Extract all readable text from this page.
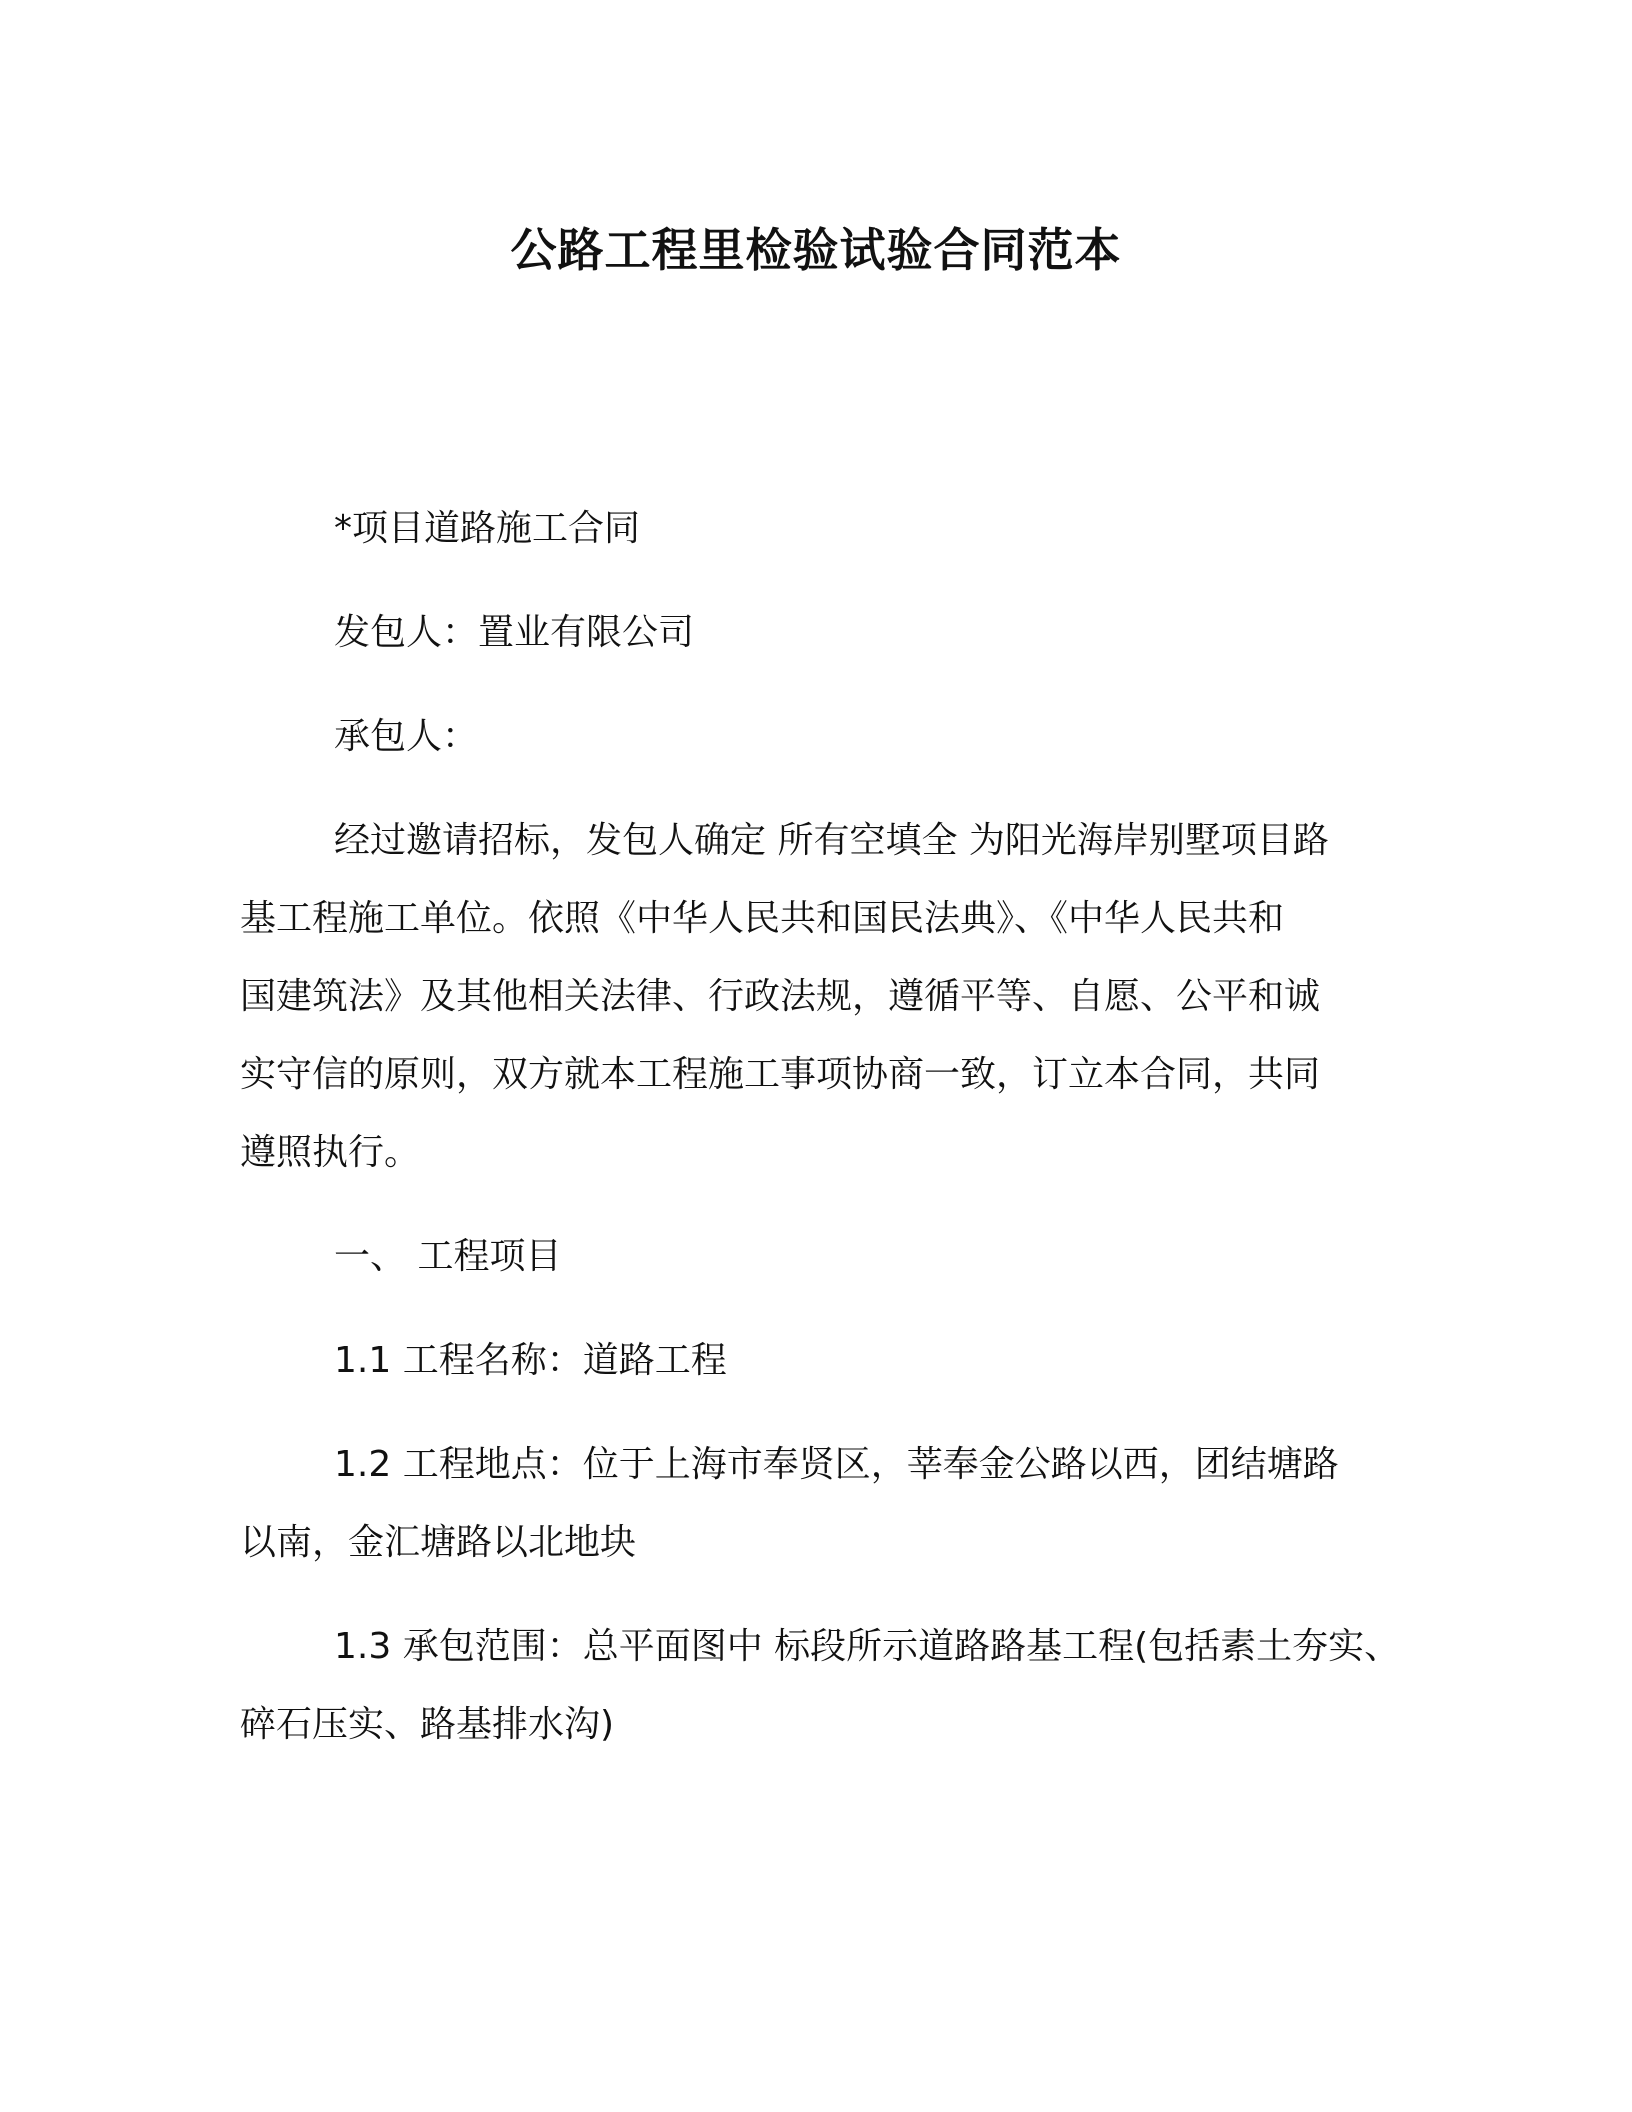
公路工程里检验试验合同范本
*项目道路施工合同
发包人：置业有限公司
承包人：
经过邀请招标，发包人确定 所有空填全 为阳光海岸别墅项目路
基工程施工单位。依照《中华人民共和国民法典》、《中华人民共和
国建筑法》及其他相关法律、行政法规，遵循平等、自愿、公平和诚
实守信的原则，双方就本工程施工事项协商一致，订立本合同，共同
遵照执行。
一、 工程项目
1.1 工程名称：道路工程
1.2 工程地点：位于上海市奉贤区，莘奉金公路以西，团结塘路
以南，金汇塘路以北地块
1.3 承包范围：总平面图中 标段所示道路路基工程(包括素土夯实、
碎石压实、路基排水沟)
